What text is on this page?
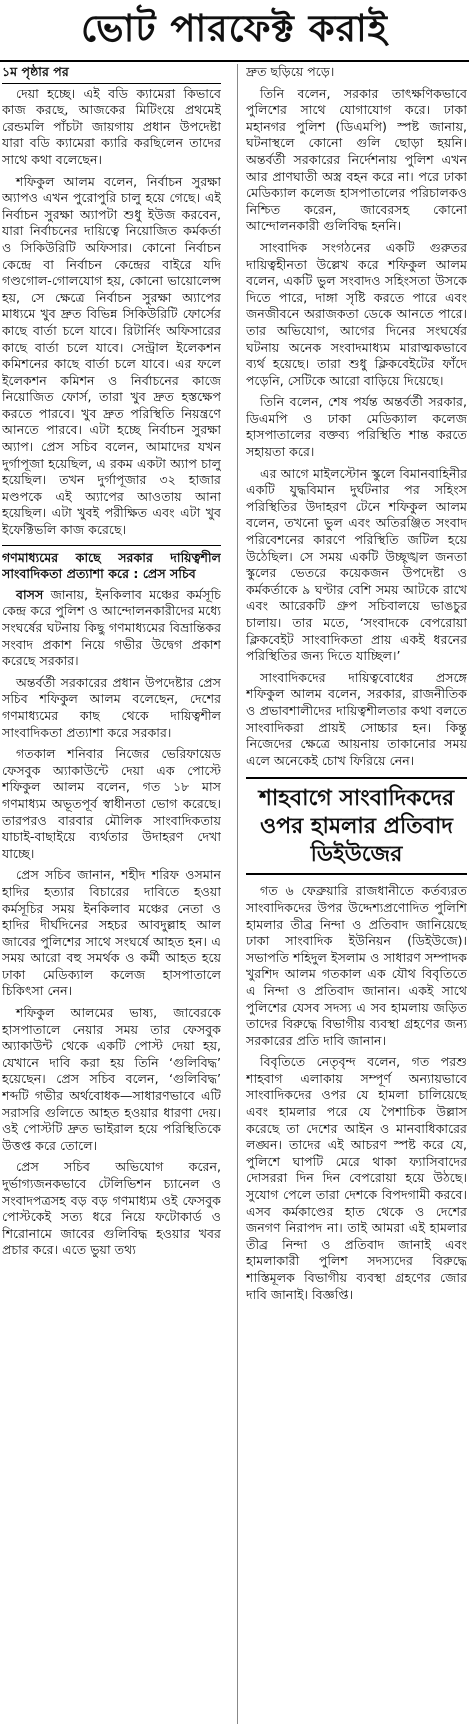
ভোট পারফেক্ট করাই
১ম পৃষ্ঠার পর

দেয়া হচ্ছে। এই বডি ক্যামেরা কিভাবে কাজ করছে, আজকের মিটিংয়ে প্রথমেই রেন্ডমলি পাঁচটা জায়গায় প্রধান উপদেষ্টা যারা বডি ক্যামেরা ক্যারি করছিলেন তাদের সাথে কথা বলেছেন।

শফিকুল আলম বলেন, নির্বাচন সুরক্ষা অ্যাপও এখন পুরোপুরি চালু হয়ে গেছে। এই নির্বাচন সুরক্ষা অ্যাপটা শুধু ইউজ করবেন, যারা নির্বাচনের দায়িত্বে নিয়োজিত কর্মকর্তা ও সিকিউরিটি অফিসার। কোনো নির্বাচন কেন্দ্রে বা নির্বাচন কেন্দ্রের বাইরে যদি গণ্ডগোল-গোলযোগ হয়, কোনো ভায়োলেন্স হয়, সে ক্ষেত্রে নির্বাচন সুরক্ষা অ্যাপের মাধ্যমে খুব দ্রুত বিভিন্ন সিকিউরিটি ফোর্সের কাছে বার্তা চলে যাবে। রিটার্নিং অফিসারের কাছে বার্তা চলে যাবে। সেন্ট্রাল ইলেকশন কমিশনের কাছে বার্তা চলে যাবে। এর ফলে ইলেকশন কমিশন ও নির্বাচনের কাজে নিয়োজিত ফোর্স, তারা খুব দ্রুত হস্তক্ষেপ করতে পারবে। খুব দ্রুত পরিস্থিতি নিয়ন্ত্রণে আনতে পারবে। এটা হচ্ছে নির্বাচন সুরক্ষা অ্যাপ। প্রেস সচিব বলেন, আমাদের যখন দুর্গাপূজা হয়েছিল, এ রকম একটা অ্যাপ চালু হয়েছিল। তখন দুর্গাপূজার ৩২ হাজার মণ্ডপকে এই অ্যাপের আওতায় আনা হয়েছিল। এটা খুবই পরীক্ষিত এবং এটা খুব ইফেক্টিভলি কাজ করেছে।

গণমাধ্যমের কাছে সরকার দায়িত্বশীল সাংবাদিকতা প্রত্যাশা করে : প্রেস সচিব

বাসস জানায়, ইনকিলাব মঞ্চের কর্মসূচি কেন্দ্র করে পুলিশ ও আন্দোলনকারীদের মধ্যে সংঘর্ষের ঘটনায় কিছু গণমাধ্যমের বিভ্রান্তিকর সংবাদ প্রকাশ নিয়ে গভীর উদ্বেগ প্রকাশ করেছে সরকার।

অন্তর্বর্তী সরকারের প্রধান উপদেষ্টার প্রেস সচিব শফিকুল আলম বলেছেন, দেশের গণমাধ্যমের কাছ থেকে দায়িত্বশীল সাংবাদিকতা প্রত্যাশা করে সরকার।

গতকাল শনিবার নিজের ভেরিফায়েড ফেসবুক অ্যাকাউন্টে দেয়া এক পোস্টে শফিকুল আলম বলেন, গত ১৮ মাস গণমাধ্যম অভূতপূর্ব স্বাধীনতা ভোগ করেছে। তারপরও বারবার মৌলিক সাংবাদিকতায় যাচাই-বাছাইয়ে ব্যর্থতার উদাহরণ দেখা যাচ্ছে।

প্রেস সচিব জানান, শহীদ শরিফ ওসমান হাদির হত্যার বিচারের দাবিতে হওয়া কর্মসূচির সময় ইনকিলাব মঞ্চের নেতা ও হাদির দীর্ঘদিনের সহচর আবদুল্লাহ আল জাবের পুলিশের সাথে সংঘর্ষে আহত হন। এ সময় আরো বহু সমর্থক ও কর্মী আহত হয়ে ঢাকা মেডিক্যাল কলেজ হাসপাতালে চিকিৎসা নেন।

শফিকুল আলমের ভাষ্য, জাবেরকে হাসপাতালে নেয়ার সময় তার ফেসবুক অ্যাকাউন্ট থেকে একটি পোস্ট দেয়া হয়, যেখানে দাবি করা হয় তিনি ‘গুলিবিদ্ধ’ হয়েছেন। প্রেস সচিব বলেন, ‘গুলিবিদ্ধ’ শব্দটি গভীর অর্থবোধক—সাধারণভাবে এটি সরাসরি গুলিতে আহত হওয়ার ধারণা দেয়। ওই পোস্টটি দ্রুত ভাইরাল হয়ে পরিস্থিতিকে উত্তপ্ত করে তোলে।

প্রেস সচিব অভিযোগ করেন, দুর্ভাগ্যজনকভাবে টেলিভিশন চ্যানেল ও সংবাদপত্রসহ বড় বড় গণমাধ্যম ওই ফেসবুক পোস্টকেই সত্য ধরে নিয়ে ফটোকার্ড ও শিরোনামে জাবের গুলিবিদ্ধ হওয়ার খবর প্রচার করে। এতে ভুয়া তথ্য

দ্রুত ছড়িয়ে পড়ে।

তিনি বলেন, সরকার তাৎক্ষণিকভাবে পুলিশের সাথে যোগাযোগ করে। ঢাকা মহানগর পুলিশ (ডিএমপি) স্পষ্ট জানায়, ঘটনাস্থলে কোনো গুলি ছোড়া হয়নি। অন্তর্বর্তী সরকারের নির্দেশনায় পুলিশ এখন আর প্রাণঘাতী অস্ত্র বহন করে না। পরে ঢাকা মেডিক্যাল কলেজ হাসপাতালের পরিচালকও নিশ্চিত করেন, জাবেরসহ কোনো আন্দোলনকারী গুলিবিদ্ধ হননি।

সাংবাদিক সংগঠনের একটি গুরুতর দায়িত্বহীনতা উল্লেখ করে শফিকুল আলম বলেন, একটি ভুল সংবাদও সহিংসতা উসকে দিতে পারে, দাঙ্গা সৃষ্টি করতে পারে এবং জনজীবনে অরাজকতা ডেকে আনতে পারে। তার অভিযোগ, আগের দিনের সংঘর্ষের ঘটনায় অনেক সংবাদমাধ্যম মারাত্মকভাবে ব্যর্থ হয়েছে। তারা শুধু ক্লিকবেইটের ফাঁদে পড়েনি, সেটিকে আরো বাড়িয়ে দিয়েছে।

তিনি বলেন, শেষ পর্যন্ত অন্তর্বর্তী সরকার, ডিএমপি ও ঢাকা মেডিক্যাল কলেজ হাসপাতালের বক্তব্য পরিস্থিতি শান্ত করতে সহায়তা করে।

এর আগে মাইলস্টোন স্কুলে বিমানবাহিনীর একটি যুদ্ধবিমান দুর্ঘটনার পর সহিংস পরিস্থিতির উদাহরণ টেনে শফিকুল আলম বলেন, তখনো ভুল এবং অতিরঞ্জিত সংবাদ পরিবেশনের কারণে পরিস্থিতি জটিল হয়ে উঠেছিল। সে সময় একটি উচ্ছৃঙ্খল জনতা স্কুলের ভেতরে কয়েকজন উপদেষ্টা ও কর্মকর্তাকে ৯ ঘণ্টার বেশি সময় আটকে রাখে এবং আরেকটি গ্রুপ সচিবালয়ে ভাঙচুর চালায়। তার মতে, ‘সংবাদকে বেপরোয়া ক্লিকবেইট সাংবাদিকতা প্রায় একই ধরনের পরিস্থিতির জন্য দিতে যাচ্ছিল।’

সাংবাদিকদের দায়িত্ববোধের প্রসঙ্গে শফিকুল আলম বলেন, সরকার, রাজনীতিক ও প্রভাবশালীদের দায়িত্বশীলতার কথা বলতে সাংবাদিকরা প্রায়ই সোচ্চার হন। কিন্তু নিজেদের ক্ষেত্রে আয়নায় তাকানোর সময় এলে অনেকেই চোখ ফিরিয়ে নেন।

শাহবাগে সাংবাদিকদের ওপর হামলার প্রতিবাদ ডিইউজের

গত ৬ ফেব্রুয়ারি রাজধানীতে কর্তব্যরত সাংবাদিকদের উপর উদ্দেশ্যপ্রণোদিত পুলিশি হামলার তীব্র নিন্দা ও প্রতিবাদ জানিয়েছে ঢাকা সাংবাদিক ইউনিয়ন (ডিইউজে)। সভাপতি শহিদুল ইসলাম ও সাধারণ সম্পাদক খুরশিদ আলম গতকাল এক যৌথ বিবৃতিতে এ নিন্দা ও প্রতিবাদ জানান। একই সাথে পুলিশের যেসব সদস্য এ সব হামলায় জড়িত তাদের বিরুদ্ধে বিভাগীয় ব্যবস্থা গ্রহণের জন্য সরকারের প্রতি দাবি জানান।

বিবৃতিতে নেতৃবৃন্দ বলেন, গত পরশু শাহবাগ এলাকায় সম্পূর্ণ অন্যায়ভাবে সাংবাদিকদের ওপর যে হামলা চালিয়েছে এবং হামলার পরে যে পৈশাচিক উল্লাস করেছে তা দেশের আইন ও মানবাধিকারের লঙ্ঘন। তাদের এই আচরণ স্পষ্ট করে যে, পুলিশে ঘাপটি মেরে থাকা ফ্যাসিবাদের দোসররা দিন দিন বেপরোয়া হয়ে উঠছে। সুযোগ পেলে তারা দেশকে বিপদগামী করবে। এসব কর্মকাণ্ডের হাত থেকে ও দেশের জনগণ নিরাপদ না। তাই আমরা এই হামলার তীব্র নিন্দা ও প্রতিবাদ জানাই এবং হামলাকারী পুলিশ সদস্যদের বিরুদ্ধে শাস্তিমূলক বিভাগীয় ব্যবস্থা গ্রহণের জোর দাবি জানাই। বিজ্ঞপ্তি।
